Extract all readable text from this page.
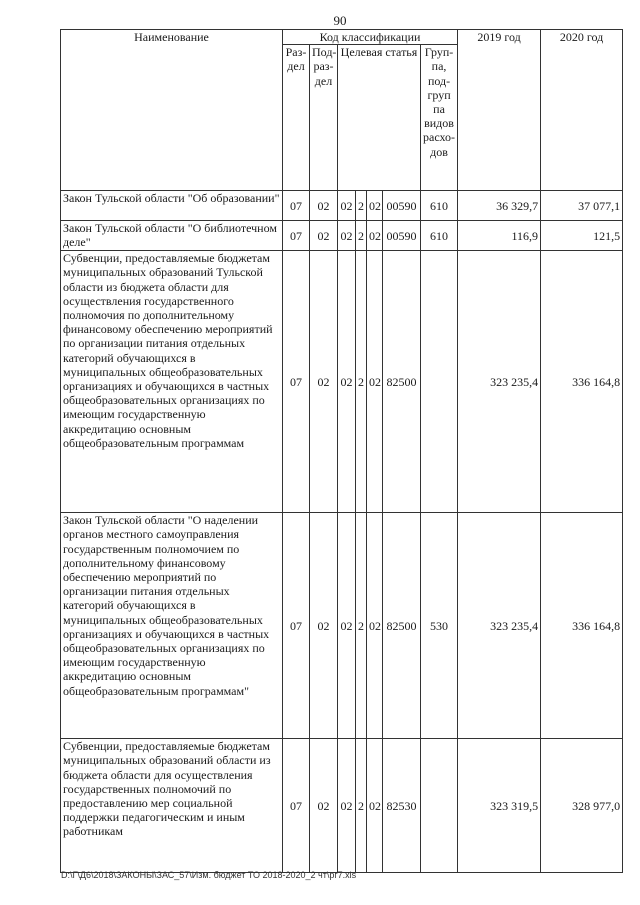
90
Наименование	Код классификации							2019 год	2020 год
	Раз- дел	Под- раз- дел	Целевая статья				Груп- па, под- груп па видов расхо- дов		
Закон Тульской области "Об образовании"	07	02	02	2	02	00590	610	36 329,7	37 077,1
Закон Тульской области "О библиотечном деле"	07	02	02	2	02	00590	610	116,9	121,5
Субвенции, предоставляемые бюджетам муниципальных образований Тульской области из бюджета области для осуществления государственного полномочия по дополнительному финансовому обеспечению мероприятий по организации питания отдельных категорий обучающихся в муниципальных общеобразовательных организациях и обучающихся в частных общеобразовательных организациях по имеющим государственную аккредитацию основным общеобразовательным программам	07	02	02	2	02	82500		323 235,4	336 164,8
Закон Тульской области "О наделении органов местного самоуправления государственным полномочием по дополнительному финансовому обеспечению мероприятий по организации питания отдельных категорий обучающихся в муниципальных общеобразовательных организациях и обучающихся в частных общеобразовательных организациях по имеющим государственную аккредитацию основным общеобразовательным программам"	07	02	02	2	02	82500	530	323 235,4	336 164,8
Субвенции, предоставляемые бюджетам муниципальных образований области из бюджета области для осуществления государственных полномочий по предоставлению мер социальной поддержки педагогическим и иным работникам	07	02	02	2	02	82530		323 319,5	328 977,0
D:\Г\Д6\2018\ЗАКОНЫ\ЗАС_57\Изм. бюджет ТО 2018-2020_2 чт\рг7.xls
